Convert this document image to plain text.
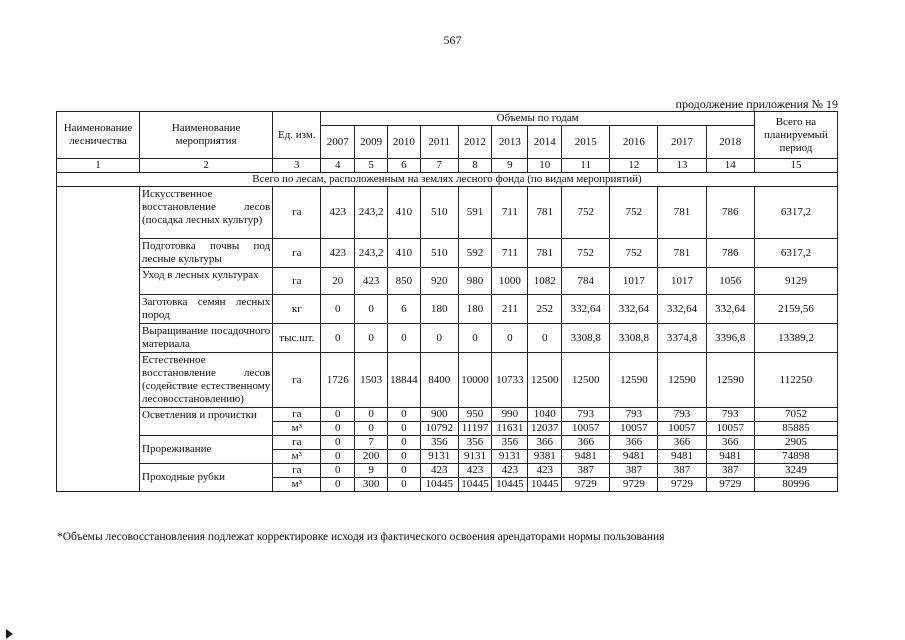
567
продолжение приложения № 19
Наименование лесничества	Наименование мероприятия	Ед. изм.	Объемы по годам											Всего на планируемый период
			2007	2009	2010	2011	2012	2013	2014	2015	2016	2017	2018	
1	2	3	4	5	6	7	8	9	10	11	12	13	14	15
Всего по лесам, расположенным на землях лесного фонда (по видам мероприятий)														
	Искусственное восстановление лесов (посадка лесных культур)	га	423	243,2	410	510	591	711	781	752	752	781	786	6317,2
	Подготовка почвы под лесные культуры	га	423	243,2	410	510	592	711	781	752	752	781	786	6317,2
	Уход в лесных культурах	га	20	423	850	920	980	1000	1082	784	1017	1017	1056	9129
	Заготовка семян лесных пород	кг	0	0	6	180	180	211	252	332,64	332,64	332,64	332,64	2159,56
	Выращивание посадочного материала	тыс.шт.	0	0	0	0	0	0	0	3308,8	3308,8	3374,8	3396,8	13389,2
	Естественное восстановление лесов (содействие естественному лесовосстановлению)	га	1726	1503	18844	8400	10000	10733	12500	12500	12590	12590	12590	112250
	Осветления и прочистки	га	0	0	0	900	950	990	1040	793	793	793	793	7052
		м³	0	0	0	10792	11197	11631	12037	10057	10057	10057	10057	85885
	Прореживание	га	0	7	0	356	356	356	366	366	366	366	366	2905
		м³	0	200	0	9131	9131	9131	9381	9481	9481	9481	9481	74898
	Проходные рубки	га	0	9	0	423	423	423	423	387	387	387	387	3249
		м³	0	300	0	10445	10445	10445	10445	9729	9729	9729	9729	80996
*Объемы лесовосстановления подлежат корректировке исходя из фактического освоения арендаторами нормы пользования
